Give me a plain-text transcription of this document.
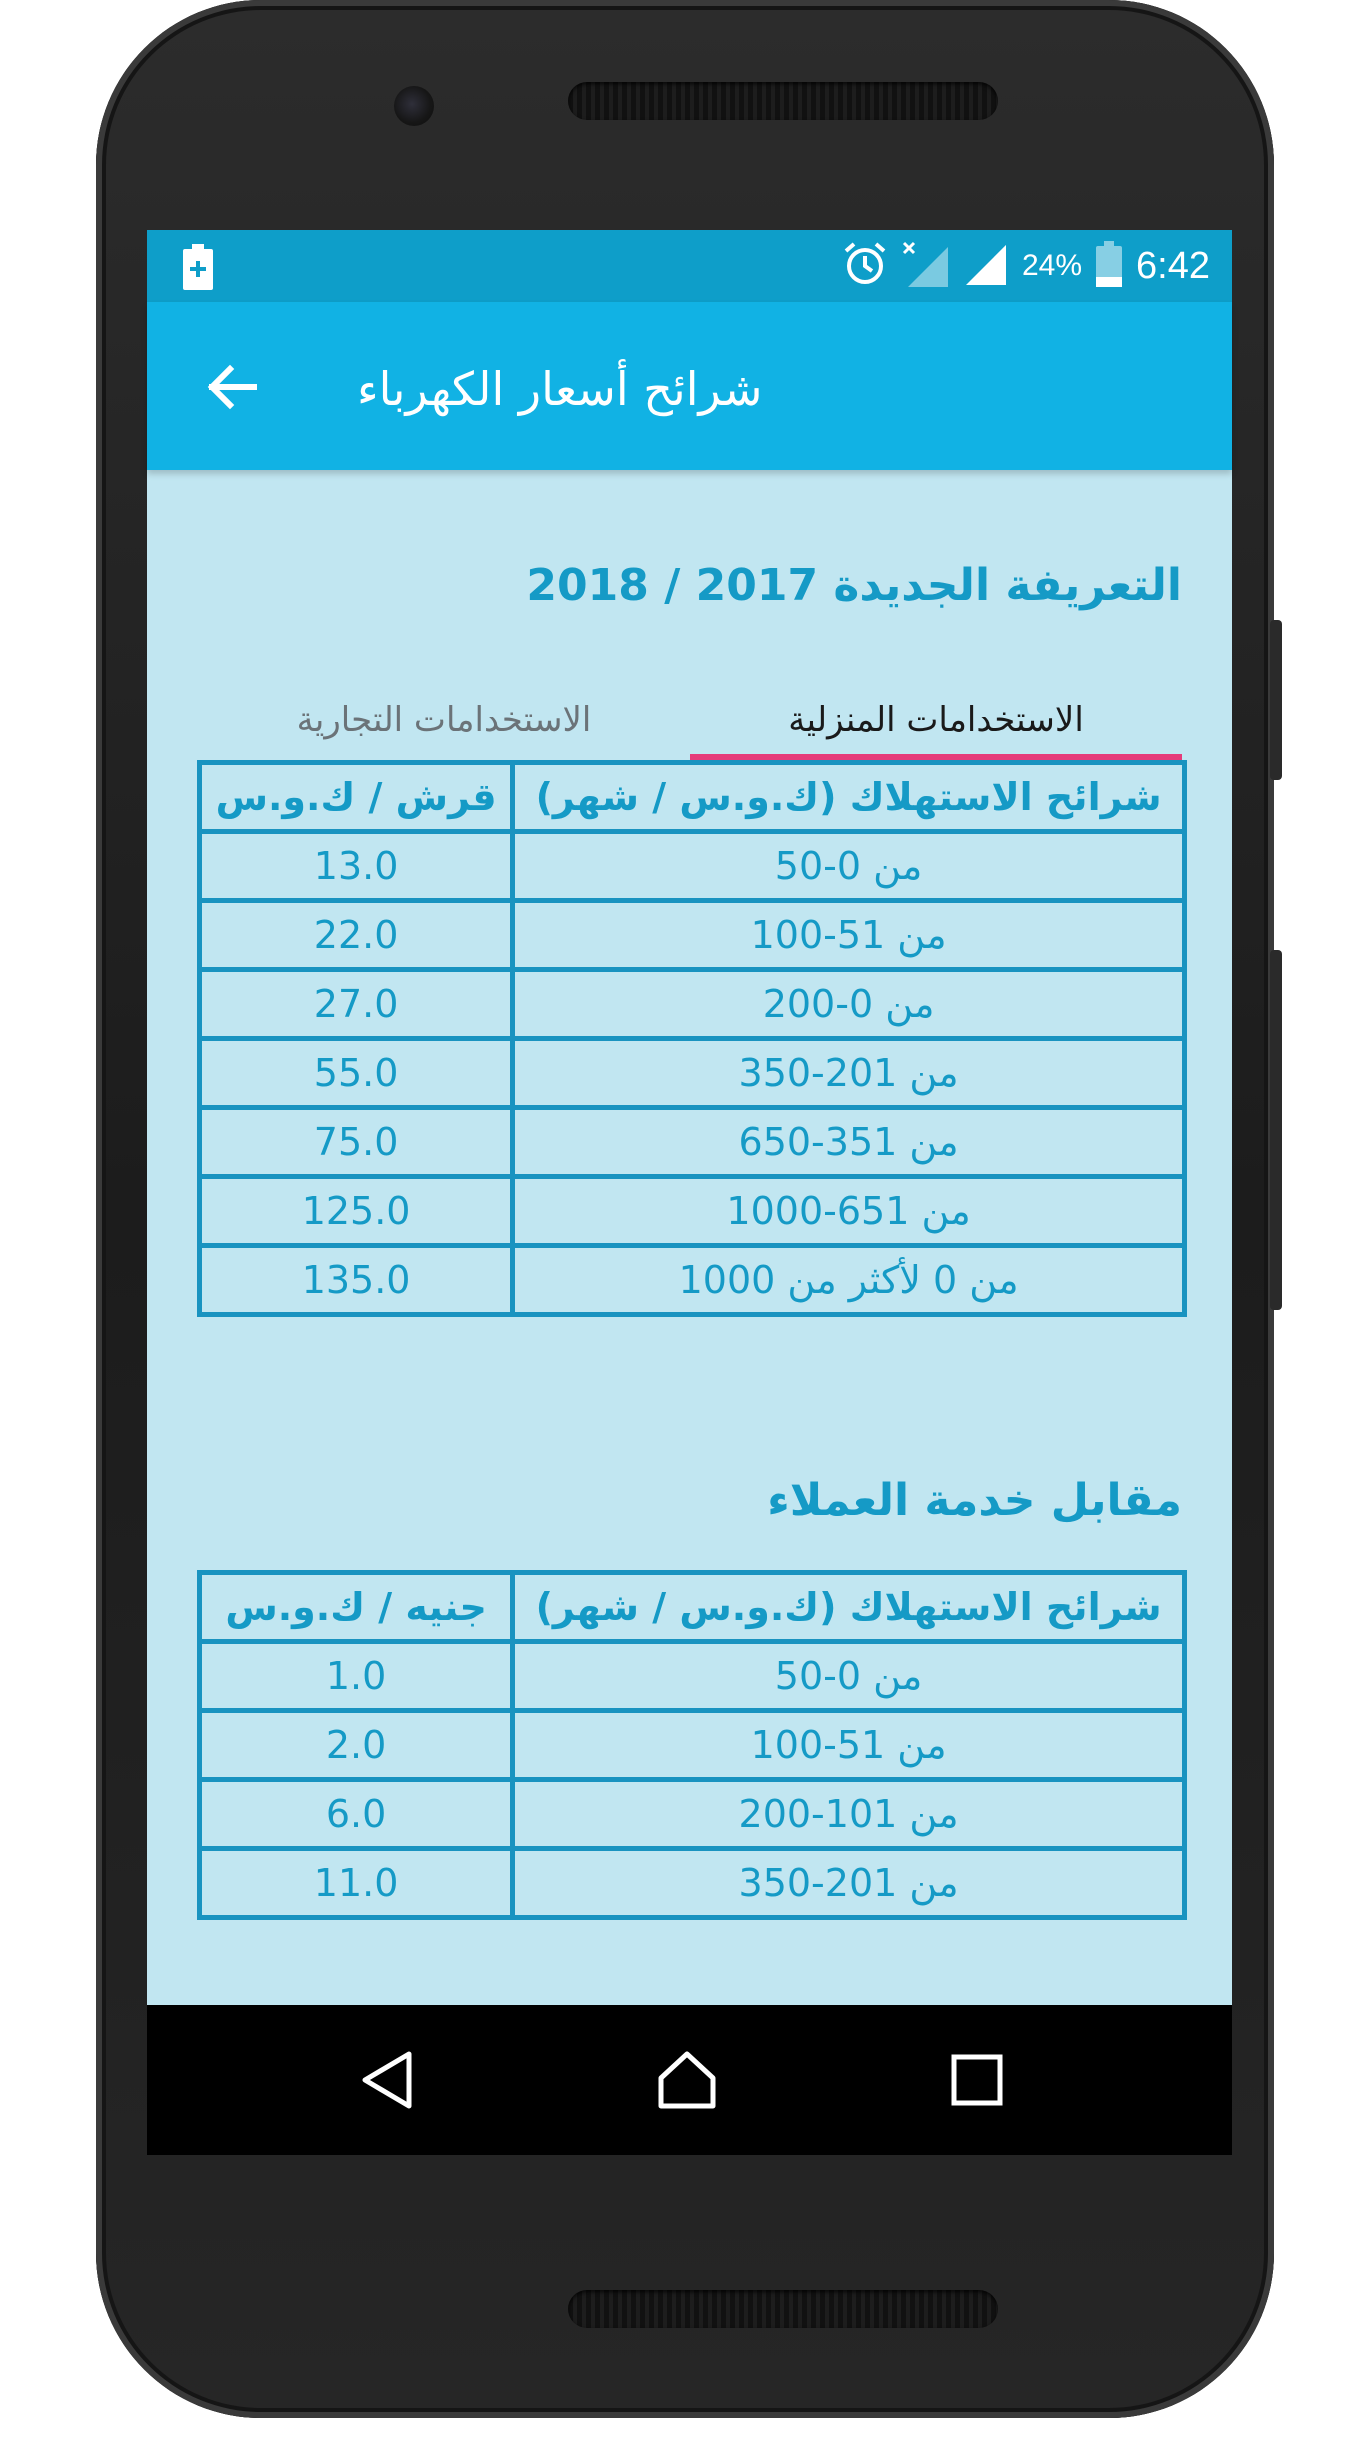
24% 6:42
شرائح أسعار الكهرباء
التعريفة الجديدة 2017 / 2018
الاستخدامات المنزلية
الاستخدامات التجارية
شرائح الاستهلاك (ك.و.س / شهر)	قرش / ك.و.س
من 0-50	13.0
من 51-100	22.0
من 0-200	27.0
من 201-350	55.0
من 351-650	75.0
من 651-1000	125.0
من 0 لأكثر من 1000	135.0
مقابل خدمة العملاء
شرائح الاستهلاك (ك.و.س / شهر)	جنيه / ك.و.س
من 0-50	1.0
من 51-100	2.0
من 101-200	6.0
من 201-350	11.0
